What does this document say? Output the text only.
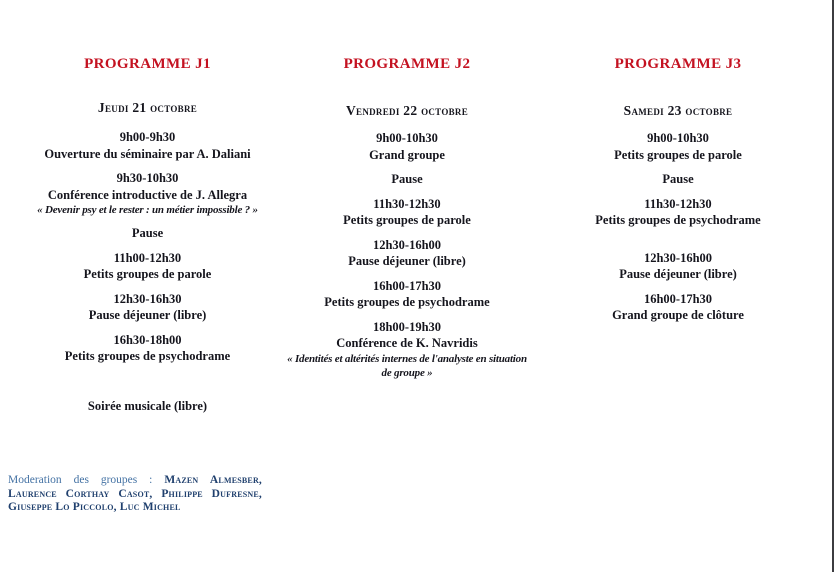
PROGRAMME J1
Jeudi 21 octobre
9h00-9h30
Ouverture du séminaire par A. Daliani
9h30-10h30
Conférence introductive de J. Allegra
« Devenir psy et le rester : un métier impossible ? »
Pause
11h00-12h30
Petits groupes de parole
12h30-16h30
Pause déjeuner (libre)
16h30-18h00
Petits groupes de psychodrame
Soirée musicale (libre)
PROGRAMME J2
Vendredi 22 octobre
9h00-10h30
Grand groupe
Pause
11h30-12h30
Petits groupes de parole
12h30-16h00
Pause déjeuner (libre)
16h00-17h30
Petits groupes de psychodrame
18h00-19h30
Conférence de K. Navridis
« Identités et altérités internes de l'analyste en situation de groupe »
PROGRAMME J3
Samedi 23 octobre
9h00-10h30
Petits groupes de parole
Pause
11h30-12h30
Petits groupes de psychodrame
12h30-16h00
Pause déjeuner (libre)
16h00-17h30
Grand groupe de clôture
Moderation des groupes : Mazen Almesber, Laurence Corthay Casot, Philippe Dufresne, Giuseppe Lo Piccolo, Luc Michel
